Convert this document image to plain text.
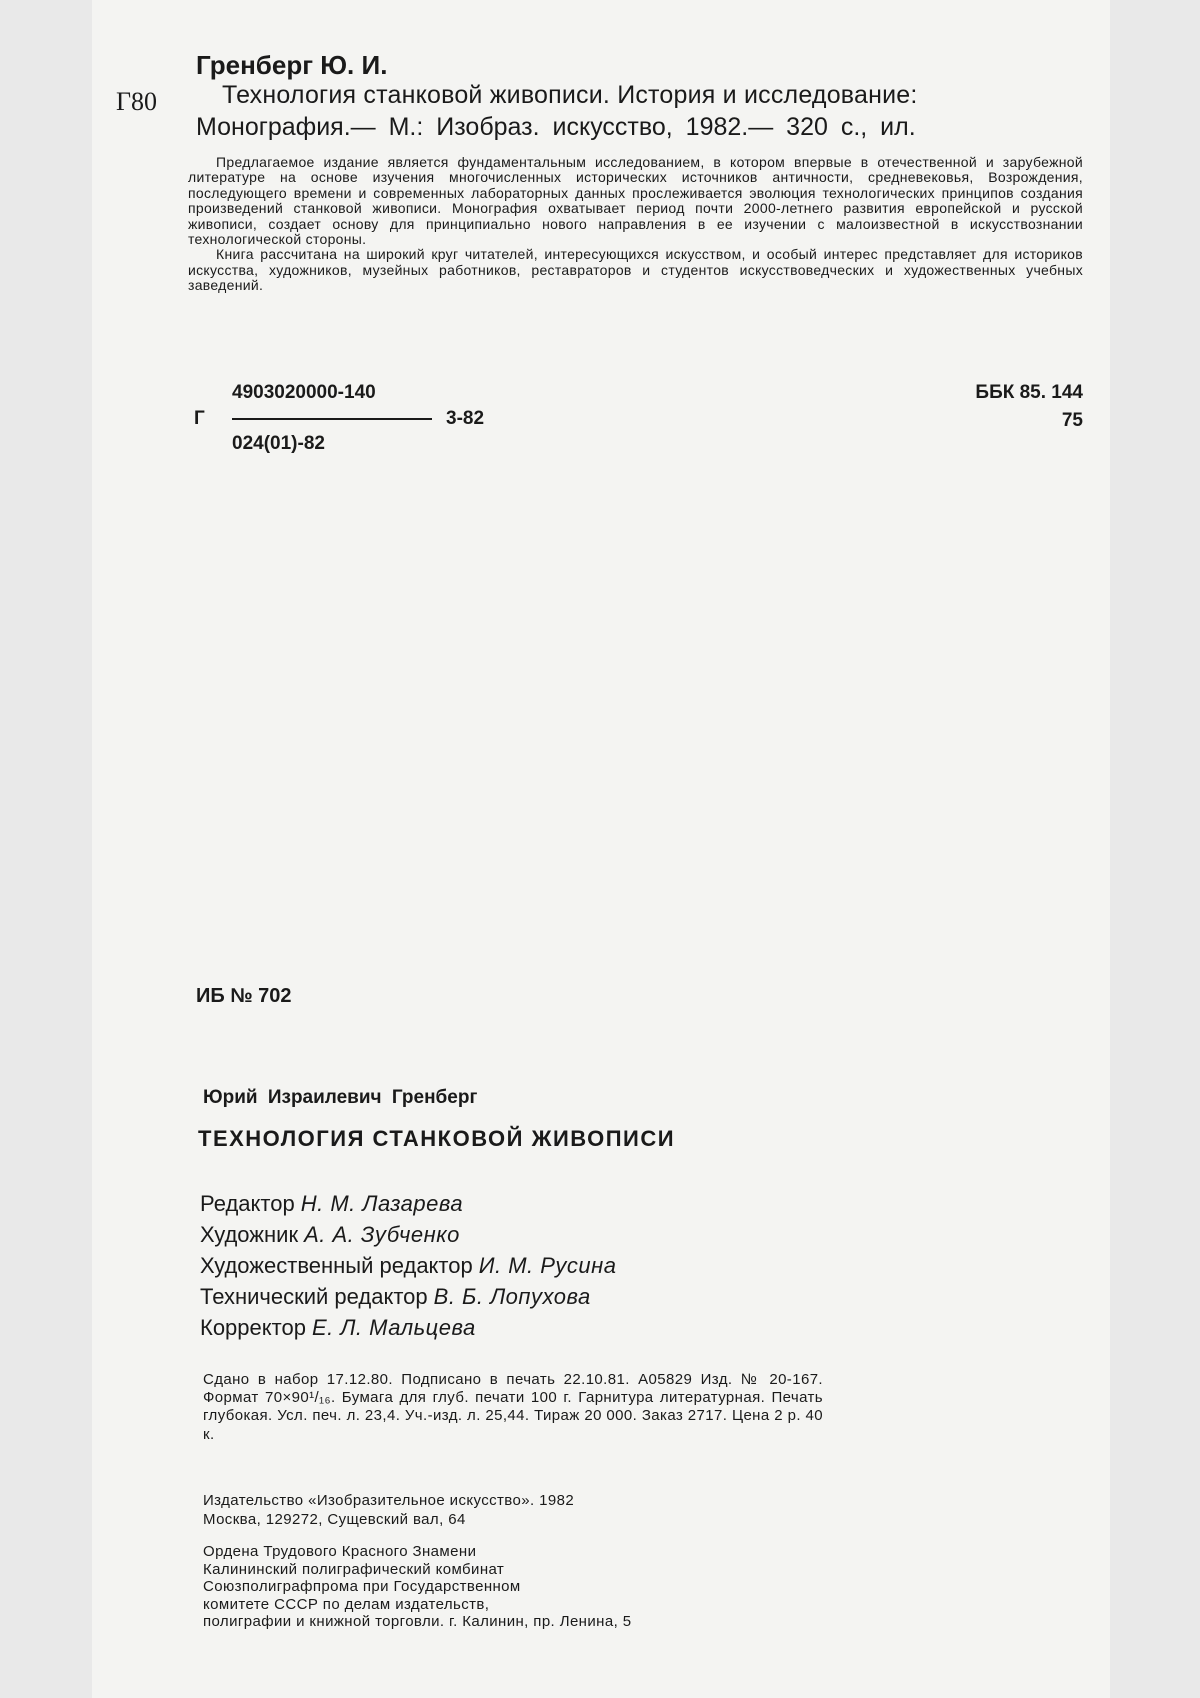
Гренберг Ю. И.
Г80	Технология станковой живописи. История и исследование:
Монография.— М.: Изобраз. искусство, 1982.— 320 с., ил.

Предлагаемое издание является фундаментальным исследованием, в котором впервые в отечественной и зарубежной литературе на основе изучения многочисленных исторических источников античности, средневековья, Возрождения, последующего времени и современных лабораторных данных прослеживается эволюция технологических принципов создания произведений станковой живописи. Монография охватывает период почти 2000-летнего развития европейской и русской живописи, создает основу для принципиально нового направления в ее изучении с малоизвестной в искусствознании технологической стороны.

Книга рассчитана на широкий круг читателей, интересующихся искусством, и особый интерес представляет для историков искусства, художников, музейных работников, реставраторов и студентов искусствоведческих и художественных учебных заведений.

4903020000-140
Г	3-82
024(01)-82
ББК 85. 144
75
ИБ № 702
Юрий Израилевич Гренберг
ТЕХНОЛОГИЯ СТАНКОВОЙ ЖИВОПИСИ
Редактор Н. М. Лазарева
Художник А. А. Зубченко
Художественный редактор И. М. Русина
Технический редактор В. Б. Лопухова
Корректор Е. Л. Мальцева
Сдано в набор 17.12.80. Подписано в печать 22.10.81. А05829 Изд. № 20-167. Формат 70×90¹/₁₆. Бумага для глуб. печати 100 г. Гарнитура литературная. Печать глубокая. Усл. печ. л. 23,4. Уч.-изд. л. 25,44. Тираж 20 000. Заказ 2717. Цена 2 р. 40 к.
Издательство «Изобразительное искусство». 1982
Москва, 129272, Сущевский вал, 64
Ордена Трудового Красного Знамени
Калининский полиграфический комбинат
Союзполиграфпрома при Государственном
комитете СССР по делам издательств,
полиграфии и книжной торговли. г. Калинин, пр. Ленина, 5
